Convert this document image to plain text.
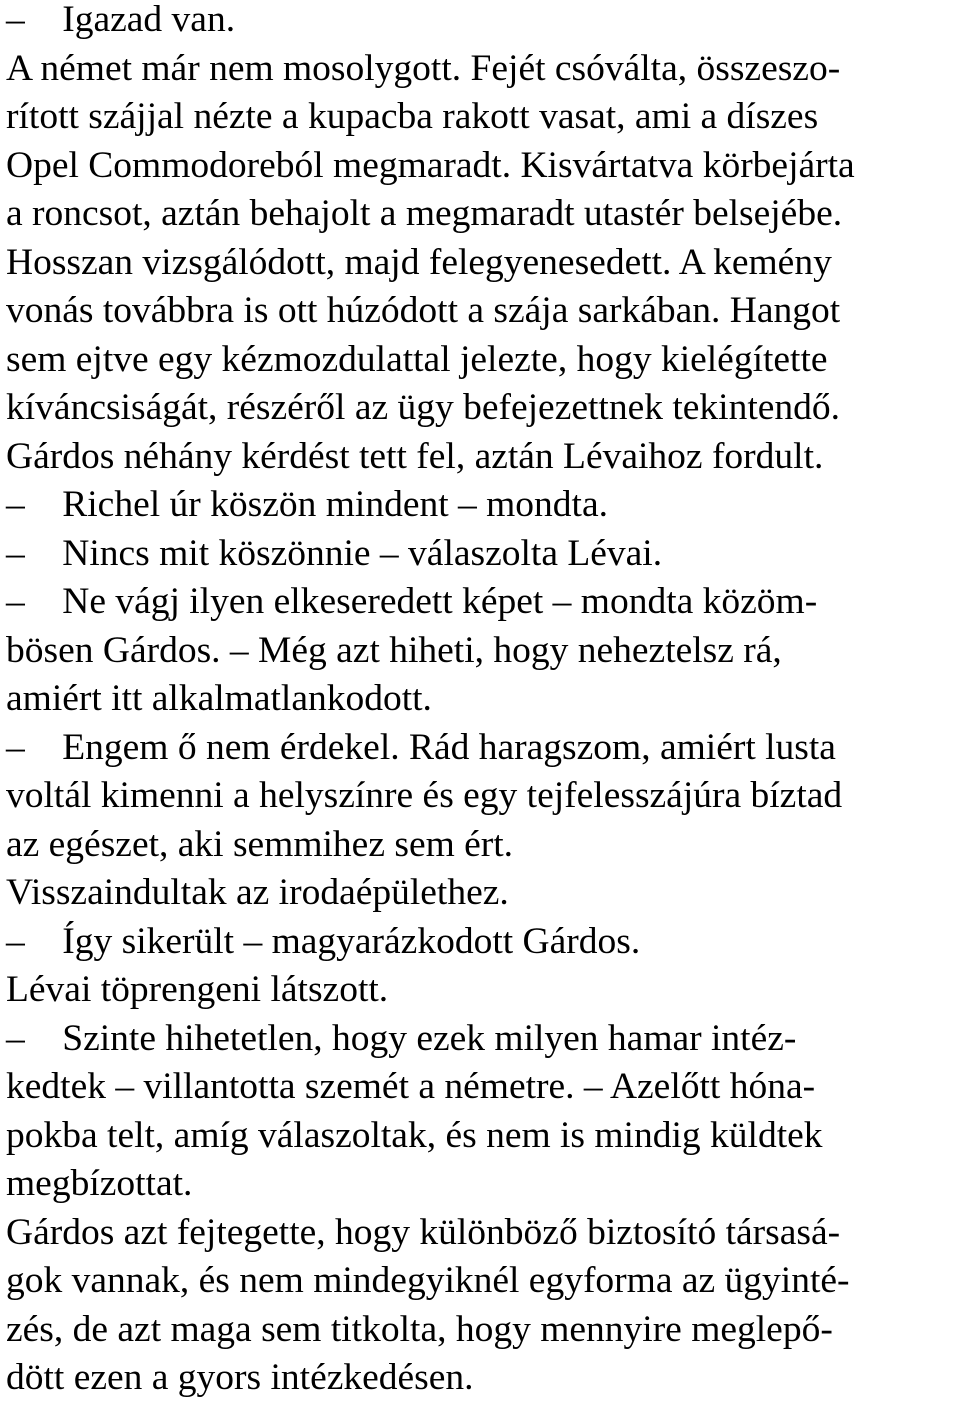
–    Igazad van.
A német már nem mosolygott. Fejét csóválta, összeszo-
rított szájjal nézte a kupacba rakott vasat, ami a díszes
Opel Commodoreból megmaradt. Kisvártatva körbejárta
a roncsot, aztán behajolt a megmaradt utastér belsejébe.
Hosszan vizsgálódott, majd felegyenesedett. A kemény
vonás továbbra is ott húzódott a szája sarkában. Hangot
sem ejtve egy kézmozdulattal jelezte, hogy kielégítette
kíváncsiságát, részéről az ügy befejezettnek tekintendő.
Gárdos néhány kérdést tett fel, aztán Lévaihoz fordult.
–    Richel úr köszön mindent – mondta.
–    Nincs mit köszönnie – válaszolta Lévai.
–    Ne vágj ilyen elkeseredett képet – mondta közöm-
bösen Gárdos. – Még azt hiheti, hogy neheztelsz rá,
amiért itt alkalmatlankodott.
–    Engem ő nem érdekel. Rád haragszom, amiért lusta
voltál kimenni a helyszínre és egy tejfelesszájúra bíztad
az egészet, aki semmihez sem ért.
Visszaindultak az irodaépülethez.
–    Így sikerült – magyarázkodott Gárdos.
Lévai töprengeni látszott.
–    Szinte hihetetlen, hogy ezek milyen hamar intéz-
kedtek – villantotta szemét a németre. – Azelőtt hóna-
pokba telt, amíg válaszoltak, és nem is mindig küldtek
megbízottat.
Gárdos azt fejtegette, hogy különböző biztosító társasá-
gok vannak, és nem mindegyiknél egyforma az ügyinté-
zés, de azt maga sem titkolta, hogy mennyire meglepő-
dött ezen a gyors intézkedésen.
